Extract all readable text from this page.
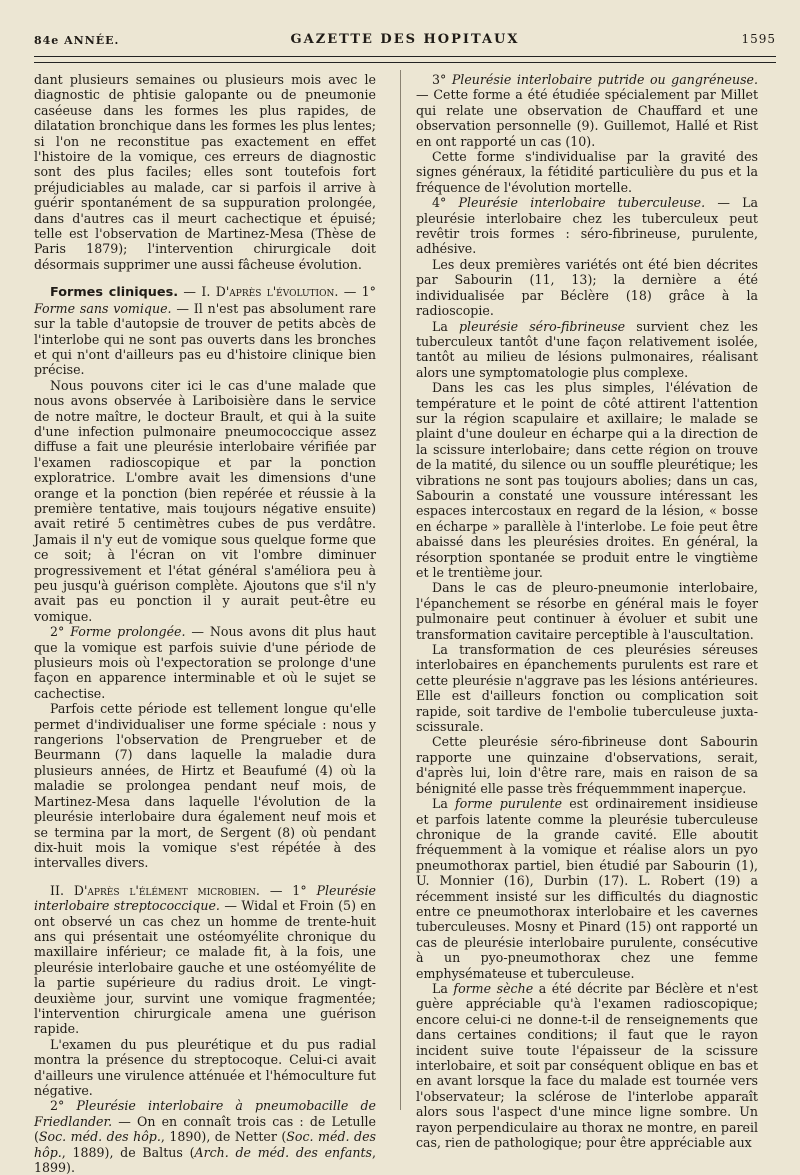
84e ANNÉE.	GAZETTE DES HOPITAUX	1595

dant plusieurs semaines ou plusieurs mois avec le diagnostic de phtisie galopante ou de pneumonie caséeuse dans les formes les plus rapides, de dilatation bronchique dans les formes les plus lentes; si l'on ne reconstitue pas exactement en effet l'histoire de la vomique, ces erreurs de diagnostic sont des plus faciles; elles sont toutefois fort préjudiciables au malade, car si parfois il arrive à guérir spontanément de sa suppuration prolongée, dans d'autres cas il meurt cachectique et épuisé; telle est l'observation de Martinez-Mesa (Thèse de Paris 1879); l'intervention chirurgicale doit désormais supprimer une aussi fâcheuse évolution.

Formes cliniques. — I. D'après l'évolution. — 1° Forme sans vomique. — Il n'est pas absolument rare sur la table d'autopsie de trouver de petits abcès de l'interlobe qui ne sont pas ouverts dans les bronches et qui n'ont d'ailleurs pas eu d'histoire clinique bien précise.

Nous pouvons citer ici le cas d'une malade que nous avons observée à Lariboisière dans le service de notre maître, le docteur Brault, et qui à la suite d'une infection pulmonaire pneumococcique assez diffuse a fait une pleurésie interlobaire vérifiée par l'examen radioscopique et par la ponction exploratrice. L'ombre avait les dimensions d'une orange et la ponction (bien repérée et réussie à la première tentative, mais toujours négative ensuite) avait retiré 5 centimètres cubes de pus verdâtre. Jamais il n'y eut de vomique sous quelque forme que ce soit; à l'écran on vit l'ombre diminuer progressivement et l'état général s'améliora peu à peu jusqu'à guérison complète. Ajoutons que s'il n'y avait pas eu ponction il y aurait peut-être eu vomique.

2° Forme prolongée. — Nous avons dit plus haut que la vomique est parfois suivie d'une période de plusieurs mois où l'expectoration se prolonge d'une façon en apparence interminable et où le sujet se cachectise.

Parfois cette période est tellement longue qu'elle permet d'individualiser une forme spéciale : nous y rangerions l'observation de Prengrueber et de Beurmann (7) dans laquelle la maladie dura plusieurs années, de Hirtz et Beaufumé (4) où la maladie se prolongea pendant neuf mois, de Martinez-Mesa dans laquelle l'évolution de la pleurésie interlobaire dura également neuf mois et se termina par la mort, de Sergent (8) où pendant dix-huit mois la vomique s'est répétée à des intervalles divers.

II. D'après l'élément microbien. — 1° Pleurésie interlobaire streptococcique. — Widal et Froin (5) en ont observé un cas chez un homme de trente-huit ans qui présentait une ostéomyélite chronique du maxillaire inférieur; ce malade fit, à la fois, une pleurésie interlobaire gauche et une ostéomyélite de la partie supérieure du radius droit. Le vingt-deuxième jour, survint une vomique fragmentée; l'intervention chirurgicale amena une guérison rapide.

L'examen du pus pleurétique et du pus radial montra la présence du streptocoque. Celui-ci avait d'ailleurs une virulence atténuée et l'hémoculture fut négative.

2° Pleurésie interlobaire à pneumobacille de Friedlander. — On en connaît trois cas : de Letulle (Soc. méd. des hôp., 1890), de Netter (Soc. méd. des hôp., 1889), de Baltus (Arch. de méd. des enfants, 1899).

3° Pleurésie interlobaire putride ou gangréneuse. — Cette forme a été étudiée spécialement par Millet qui relate une observation de Chauffard et une observation personnelle (9). Guillemot, Hallé et Rist en ont rapporté un cas (10).

Cette forme s'individualise par la gravité des signes généraux, la fétidité particulière du pus et la fréquence de l'évolution mortelle.

4° Pleurésie interlobaire tuberculeuse. — La pleurésie interlobaire chez les tuberculeux peut revêtir trois formes : séro-fibrineuse, purulente, adhésive.

Les deux premières variétés ont été bien décrites par Sabourin (11, 13); la dernière a été individualisée par Béclère (18) grâce à la radioscopie.

La pleurésie séro-fibrineuse survient chez les tuberculeux tantôt d'une façon relativement isolée, tantôt au milieu de lésions pulmonaires, réalisant alors une symptomatologie plus complexe.

Dans les cas les plus simples, l'élévation de température et le point de côté attirent l'attention sur la région scapulaire et axillaire; le malade se plaint d'une douleur en écharpe qui a la direction de la scissure interlobaire; dans cette région on trouve de la matité, du silence ou un souffle pleurétique; les vibrations ne sont pas toujours abolies; dans un cas, Sabourin a constaté une voussure intéressant les espaces intercostaux en regard de la lésion, « bosse en écharpe » parallèle à l'interlobe. Le foie peut être abaissé dans les pleurésies droites. En général, la résorption spontanée se produit entre le vingtième et le trentième jour.

Dans le cas de pleuro-pneumonie interlobaire, l'épanchement se résorbe en général mais le foyer pulmonaire peut continuer à évoluer et subit une transformation cavitaire perceptible à l'auscultation.

La transformation de ces pleurésies séreuses interlobaires en épanchements purulents est rare et cette pleurésie n'aggrave pas les lésions antérieures. Elle est d'ailleurs fonction ou complication soit rapide, soit tardive de l'embolie tuberculeuse juxta-scissurale.

Cette pleurésie séro-fibrineuse dont Sabourin rapporte une quinzaine d'observations, serait, d'après lui, loin d'être rare, mais en raison de sa bénignité elle passe très fréquemmment inaperçue.

La forme purulente est ordinairement insidieuse et parfois latente comme la pleurésie tuberculeuse chronique de la grande cavité. Elle aboutit fréquemment à la vomique et réalise alors un pyo pneumothorax partiel, bien étudié par Sabourin (1), U. Monnier (16), Durbin (17). L. Robert (19) a récemment insisté sur les difficultés du diagnostic entre ce pneumothorax interlobaire et les cavernes tuberculeuses. Mosny et Pinard (15) ont rapporté un cas de pleurésie interlobaire purulente, consécutive à un pyo-pneumothorax chez une femme emphysémateuse et tuberculeuse.

La forme sèche a été décrite par Béclère et n'est guère appréciable qu'à l'examen radioscopique; encore celui-ci ne donne-t-il de renseignements que dans certaines conditions; il faut que le rayon incident suive toute l'épaisseur de la scissure interlobaire, et soit par conséquent oblique en bas et en avant lorsque la face du malade est tournée vers l'observateur; la sclérose de l'interlobe apparaît alors sous l'aspect d'une mince ligne sombre. Un rayon perpendiculaire au thorax ne montre, en pareil cas, rien de pathologique; pour être appréciable aux
